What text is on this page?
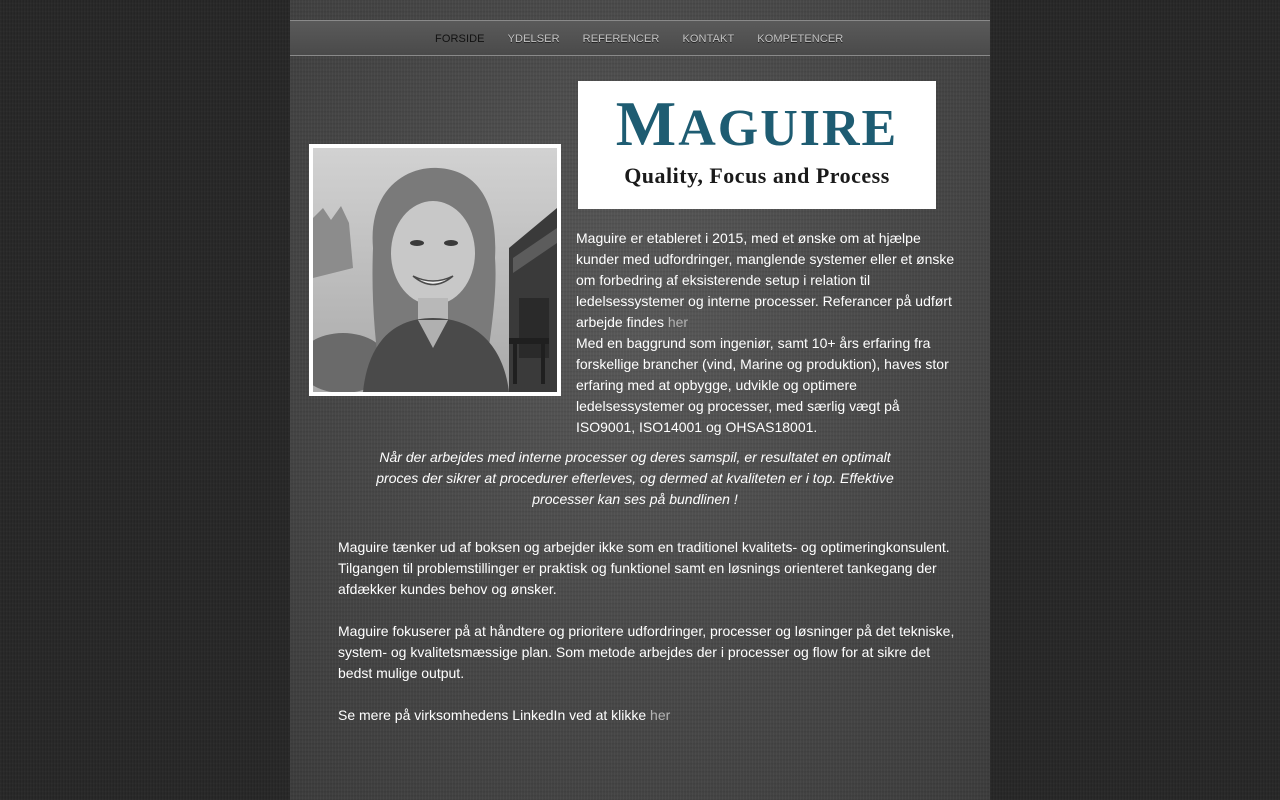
FORSIDE YDELSER REFERENCER KONTAKT KOMPETENCER
MAGUIRE
Quality, Focus and Process

Maguire er etableret i 2015, med et ønske om at hjælpe kunder med udfordringer, manglende systemer eller et ønske om forbedring af eksisterende setup i relation til ledelsessystemer og interne processer. Referancer på udført arbejde findes her

Med en baggrund som ingeniør, samt 10+ års erfaring fra forskellige brancher (vind, Marine og produktion), haves stor erfaring med at opbygge, udvikle og optimere ledelsessystemer og processer, med særlig vægt på ISO9001, ISO14001 og OHSAS18001.

Når der arbejdes med interne processer og deres samspil, er resultatet en optimalt proces der sikrer at procedurer efterleves, og dermed at kvaliteten er i top. Effektive processer kan ses på bundlinen !

Maguire tænker ud af boksen og arbejder ikke som en traditionel kvalitets- og optimeringkonsulent. Tilgangen til problemstillinger er praktisk og funktionel samt en løsnings orienteret tankegang der afdækker kundes behov og ønsker.

Maguire fokuserer på at håndtere og prioritere udfordringer, processer og løsninger på det tekniske, system- og kvalitetsmæssige plan. Som metode arbejdes der i processer og flow for at sikre det bedst mulige output.

Se mere på virksomhedens LinkedIn ved at klikke her
